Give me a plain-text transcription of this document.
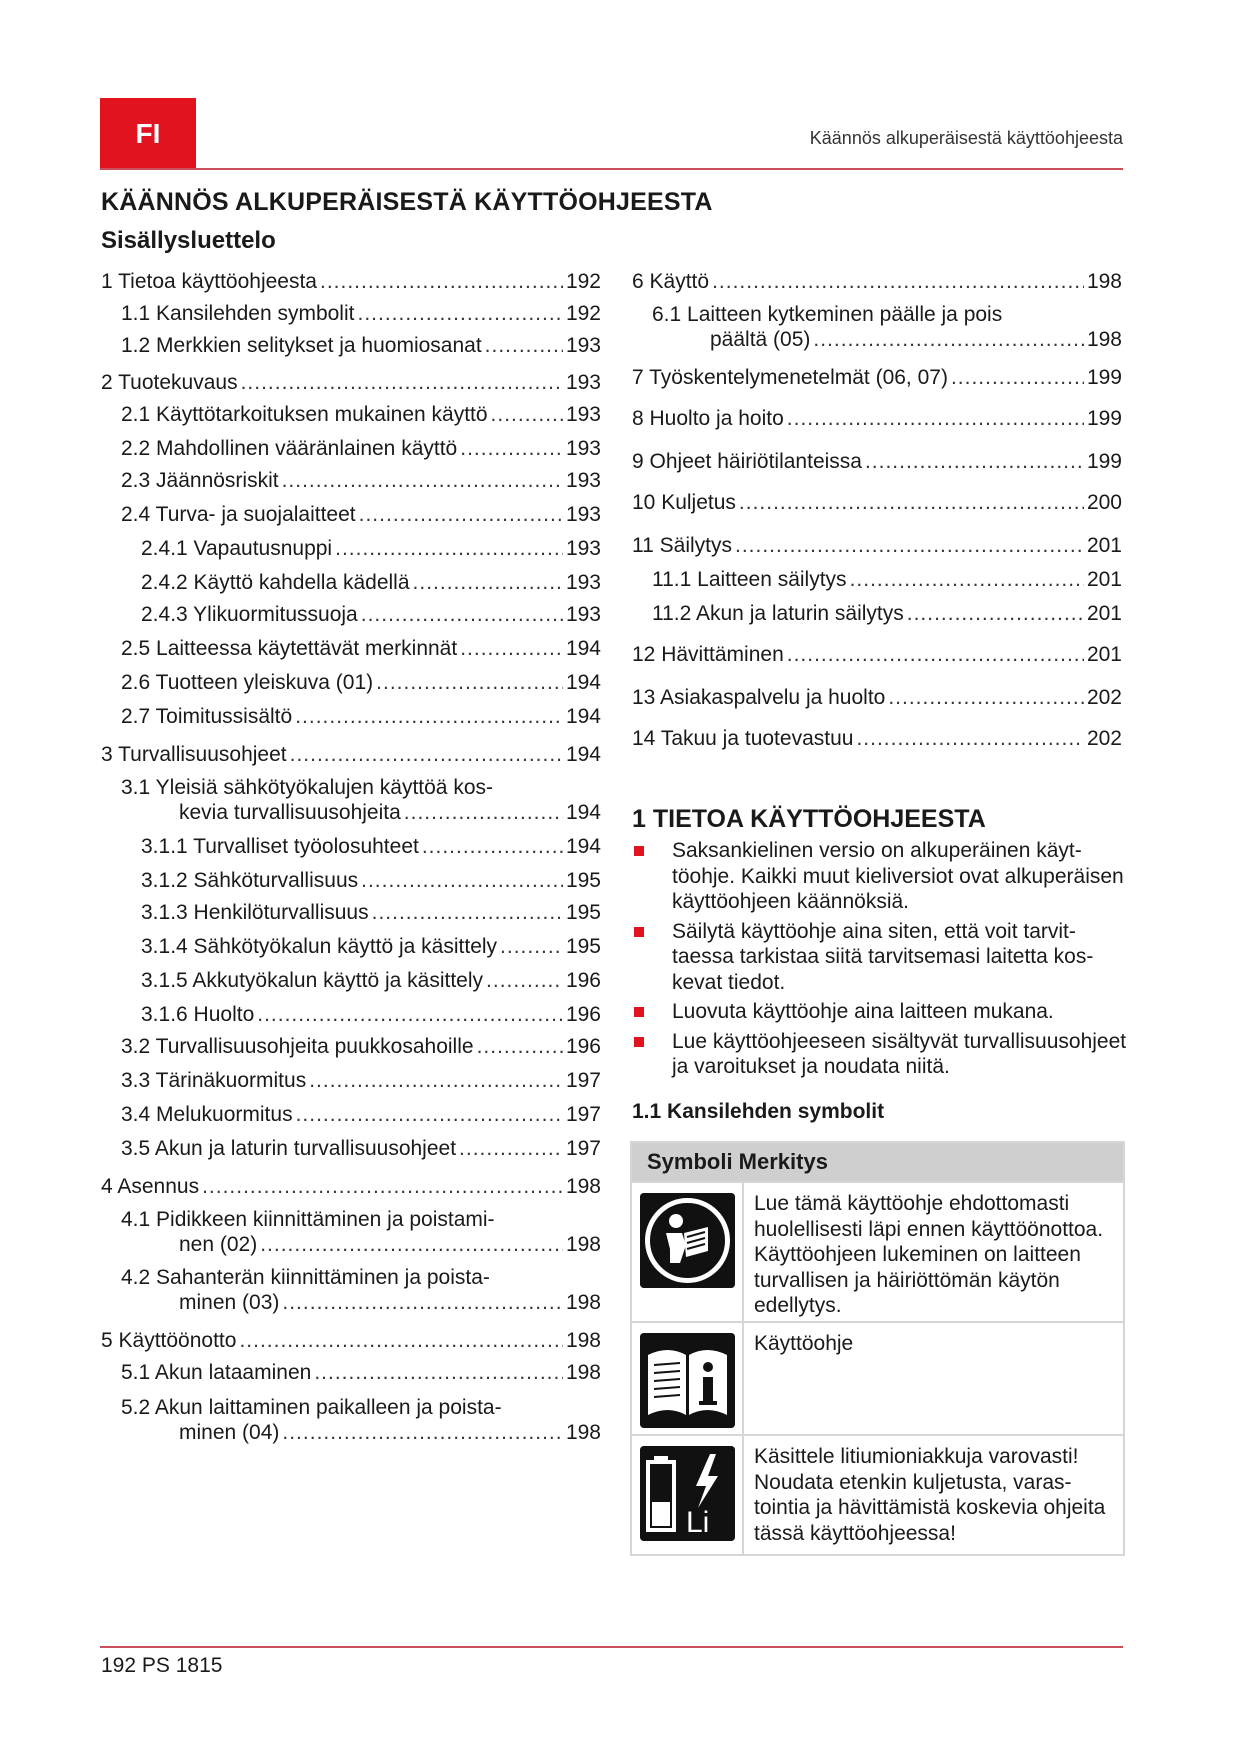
FI	Käännös alkuperäisestä käyttöohjeesta
KÄÄNNÖS ALKUPERÄISESTÄ KÄYTTÖOHJEESTA
Sisällysluettelo
1 Tietoa käyttöohjeesta .....	192
1.1 Kansilehden symbolit .....	192
1.2 Merkkien selitykset ja huomiosanat .....	193
2 Tuotekuvaus .....	193
2.1 Käyttötarkoituksen mukainen käyttö .....	193
2.2 Mahdollinen vääränlainen käyttö .....	193
2.3 Jäännösriskit .....	193
2.4 Turva- ja suojalaitteet .....	193
2.4.1 Vapautusnuppi .....	193
2.4.2 Käyttö kahdella kädellä .....	193
2.4.3 Ylikuormitussuoja .....	193
2.5 Laitteessa käytettävät merkinnät .....	194
2.6 Tuotteen yleiskuva (01) .....	194
2.7 Toimitussisältö .....	194
3 Turvallisuusohjeet .....	194
3.1 Yleisiä sähkötyökalujen käyttöä kos-
kevia turvallisuusohjeita .....	194
3.1.1 Turvalliset työolosuhteet .....	194
3.1.2 Sähköturvallisuus .....	195
3.1.3 Henkilöturvallisuus .....	195
3.1.4 Sähkötyökalun käyttö ja käsittely .....	195
3.1.5 Akkutyökalun käyttö ja käsittely .....	196
3.1.6 Huolto .....	196
3.2 Turvallisuusohjeita puukkosahoille .....	196
3.3 Tärinäkuormitus .....	197
3.4 Melukuormitus .....	197
3.5 Akun ja laturin turvallisuusohjeet .....	197
4 Asennus .....	198
4.1 Pidikkeen kiinnittäminen ja poistami-
nen (02) .....	198
4.2 Sahanterän kiinnittäminen ja poista-
minen (03) .....	198
5 Käyttöönotto .....	198
5.1 Akun lataaminen .....	198
5.2 Akun laittaminen paikalleen ja poista-
minen (04) .....	198
6 Käyttö .....	198
6.1 Laitteen kytkeminen päälle ja pois
päältä (05) .....	198
7 Työskentelymenetelmät (06, 07) .....	199
8 Huolto ja hoito .....	199
9 Ohjeet häiriötilanteissa .....	199
10 Kuljetus .....	200
11 Säilytys .....	201
11.1 Laitteen säilytys .....	201
11.2 Akun ja laturin säilytys .....	201
12 Hävittäminen .....	201
13 Asiakaspalvelu ja huolto .....	202
14 Takuu ja tuotevastuu .....	202
1 TIETOA KÄYTTÖOHJEESTA
Saksankielinen versio on alkuperäinen käyttöohje. Kaikki muut kieliversiot ovat alkuperäisen käyttöohjeen käännöksiä.
Säilytä käyttöohje aina siten, että voit tarvittaessa tarkistaa siitä tarvitsemasi laitetta koskevat tiedot.
Luovuta käyttöohje aina laitteen mukana.
Lue käyttöohjeeseen sisältyvät turvallisuusohjeet ja varoitukset ja noudata niitä.
1.1 Kansilehden symbolit
Symboli Merkitys
Lue tämä käyttöohje ehdottomasti huolellisesti läpi ennen käyttöönottoa. Käyttöohjeen lukeminen on laitteen turvallisen ja häiriöttömän käytön edellytys.
Käyttöohje
Li
Käsittele litiumioniakkuja varovasti! Noudata etenkin kuljetusta, varastointia ja hävittämistä koskevia ohjeita tässä käyttöohjeessa!
192 PS 1815
